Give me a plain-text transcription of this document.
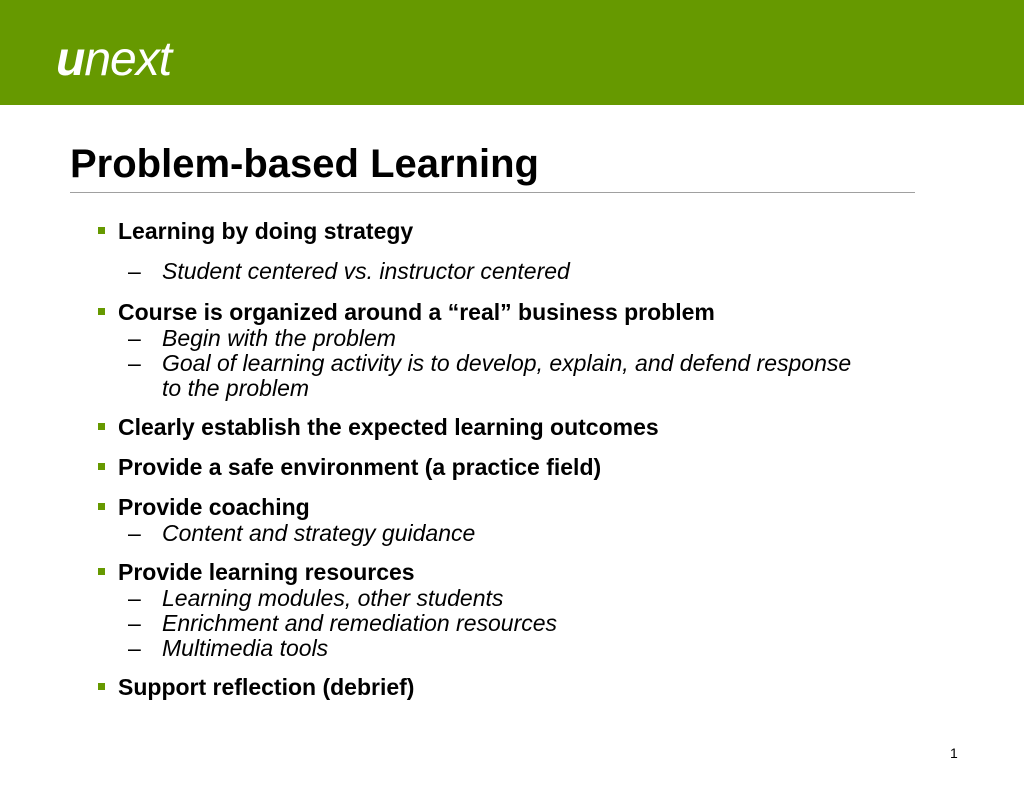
unext
Problem-based Learning
Learning by doing strategy
– Student centered vs. instructor centered
Course is organized around a “real” business problem
– Begin with the problem
– Goal of learning activity is to develop, explain, and defend response to the problem
Clearly establish the expected learning outcomes
Provide a safe environment (a practice field)
Provide coaching
– Content and strategy guidance
Provide learning resources
– Learning modules, other students
– Enrichment and remediation resources
– Multimedia tools
Support reflection (debrief)
1
